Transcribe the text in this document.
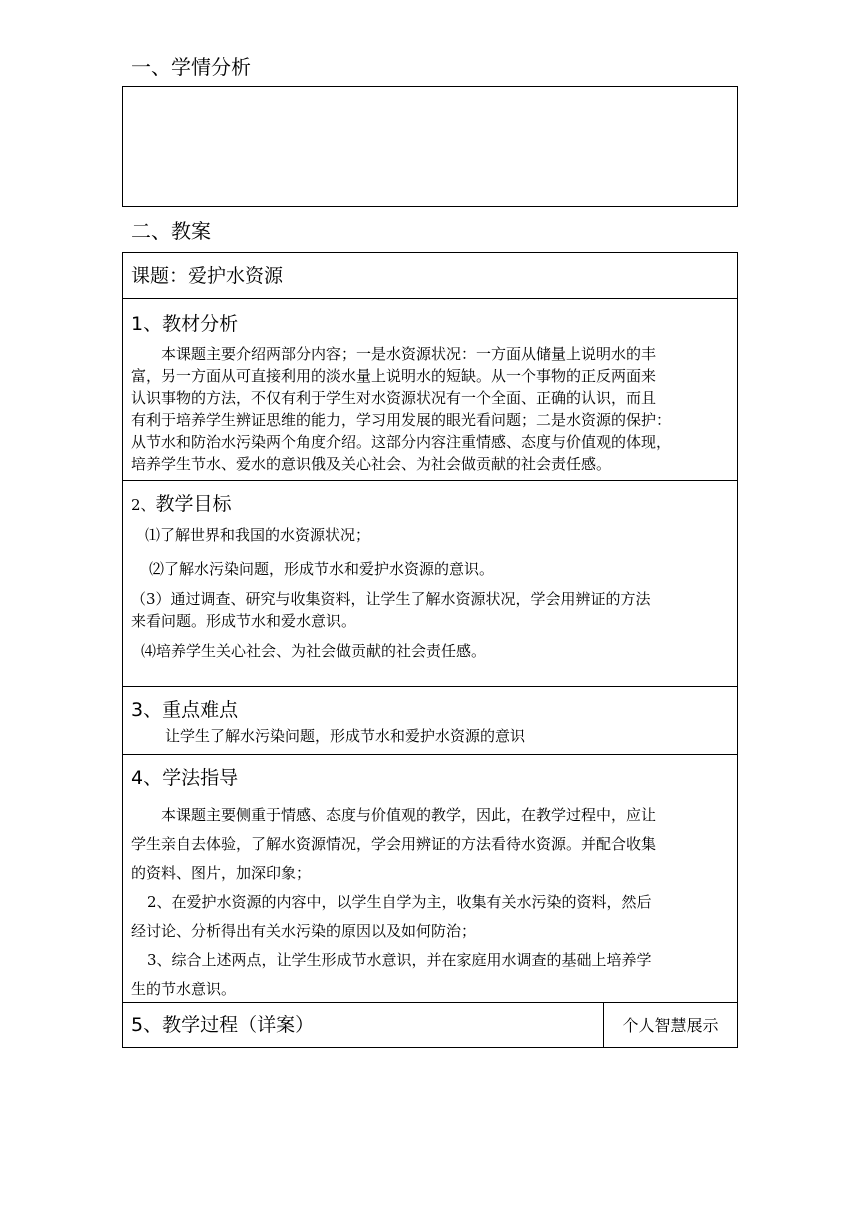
一、学情分析
二、教案
课题：爱护水资源
1、教材分析
本课题主要介绍两部分内容；一是水资源状况：一方面从储量上说明水的丰
富，另一方面从可直接利用的淡水量上说明水的短缺。从一个事物的正反两面来
认识事物的方法，不仅有利于学生对水资源状况有一个全面、正确的认识，而且
有利于培养学生辨证思维的能力，学习用发展的眼光看问题；二是水资源的保护：
从节水和防治水污染两个角度介绍。这部分内容注重情感、态度与价值观的体现，
培养学生节水、爱水的意识俄及关心社会、为社会做贡献的社会责任感。
2、教学目标
⑴了解世界和我国的水资源状况；
⑵了解水污染问题，形成节水和爱护水资源的意识。
（3）通过调查、研究与收集资料，让学生了解水资源状况，学会用辨证的方法
来看问题。形成节水和爱水意识。
⑷培养学生关心社会、为社会做贡献的社会责任感。
3、重点难点
让学生了解水污染问题，形成节水和爱护水资源的意识
4、学法指导
本课题主要侧重于情感、态度与价值观的教学，因此，在教学过程中，应让
学生亲自去体验，了解水资源情况，学会用辨证的方法看待水资源。并配合收集
的资料、图片，加深印象；
2、在爱护水资源的内容中，以学生自学为主，收集有关水污染的资料，然后
经讨论、分析得出有关水污染的原因以及如何防治；
3、综合上述两点，让学生形成节水意识，并在家庭用水调查的基础上培养学
生的节水意识。
5、教学过程（详案）	个人智慧展示
